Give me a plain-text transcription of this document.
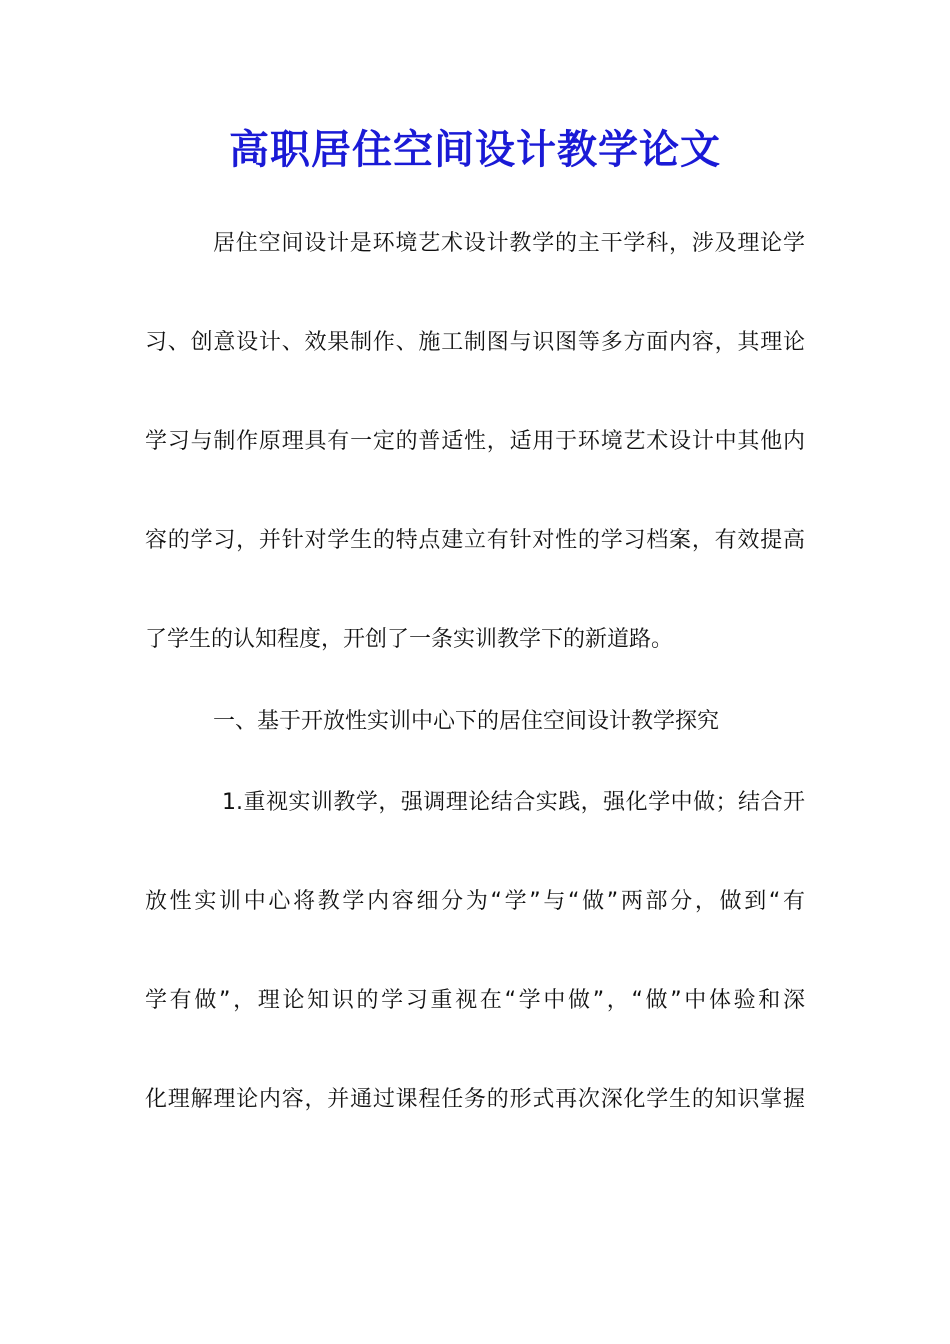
高职居住空间设计教学论文

居住空间设计是环境艺术设计教学的主干学科，涉及理论学

习、创意设计、效果制作、施工制图与识图等多方面内容，其理论

学习与制作原理具有一定的普适性，适用于环境艺术设计中其他内

容的学习，并针对学生的特点建立有针对性的学习档案，有效提高

了学生的认知程度，开创了一条实训教学下的新道路。

一、基于开放性实训中心下的居住空间设计教学探究

1.重视实训教学，强调理论结合实践，强化学中做；结合开

放性实训中心将教学内容细分为“学”与“做”两部分，做到“有

学有做”，理论知识的学习重视在“学中做”，“做”中体验和深

化理解理论内容，并通过课程任务的形式再次深化学生的知识掌握
